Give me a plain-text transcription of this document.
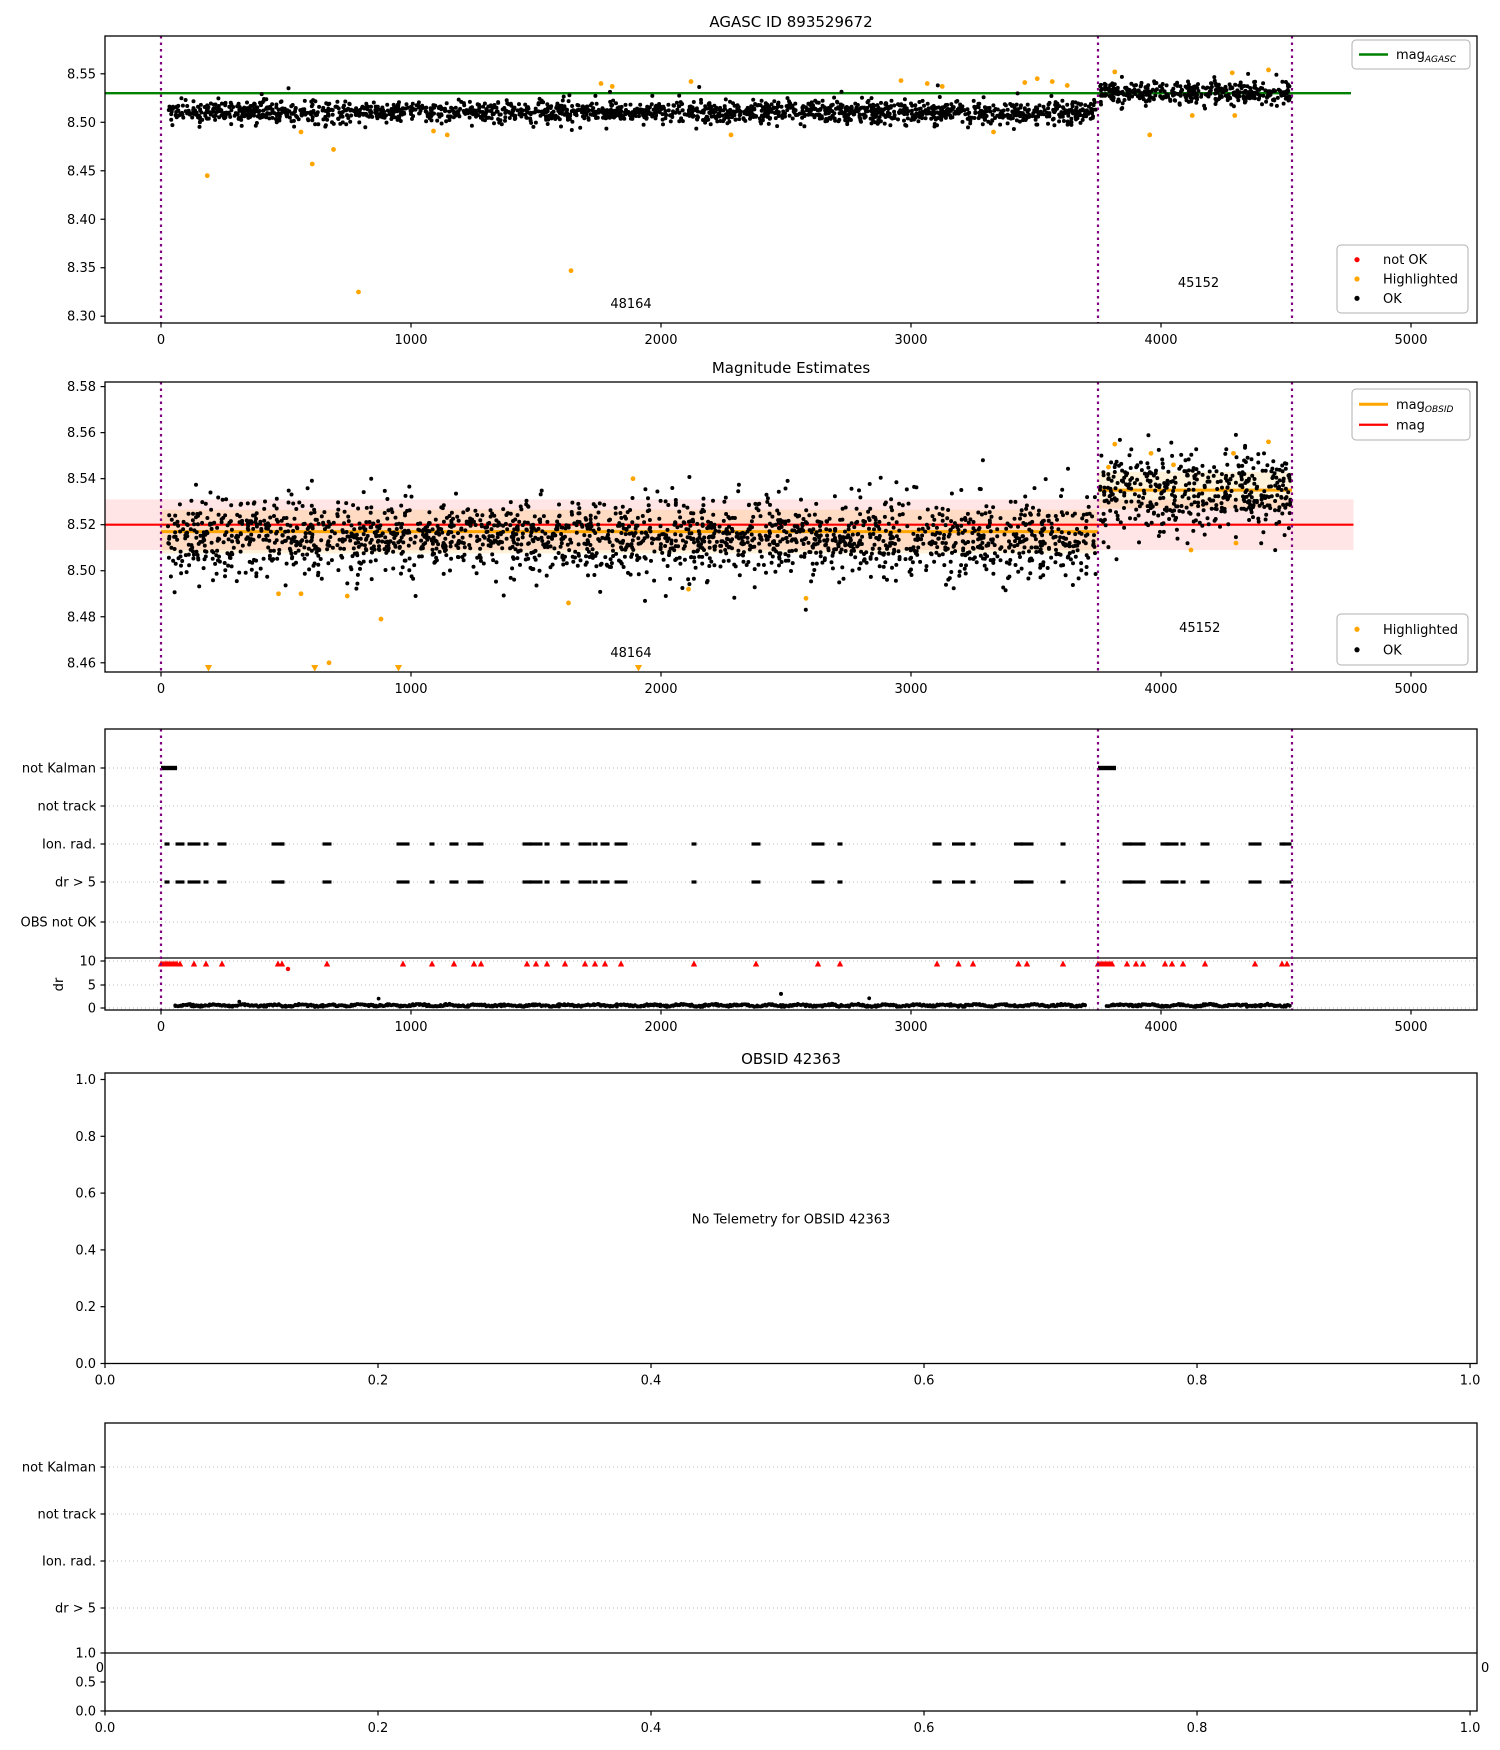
0	1000	2000	3000	4000	5000
8.30
8.35
8.40
8.45
8.50
8.55
48164
45152
AGASC ID 893529672
mag$_{AGASC}$
not OK
Highlighted
OK
0	1000	2000	3000	4000	5000
8.46
8.48
8.50
8.52
8.54
8.56
8.58
48164
45152
Magnitude Estimates
mag$_{OBSID}$
mag
Highlighted
OK
not Kalman
not track
Ion. rad.
dr > 5
OBS not OK
10
5
0
dr
0	1000	2000	3000	4000	5000
0.0	0.2	0.4	0.6	0.8	1.0
0.0
0.2
0.4
0.6
0.8
1.0
OBSID 42363
No Telemetry for OBSID 42363
not Kalman
not track
Ion. rad.
dr > 5
1.0
0.5
0.0
0	0
0.0	0.2	0.4	0.6	0.8	1.0
